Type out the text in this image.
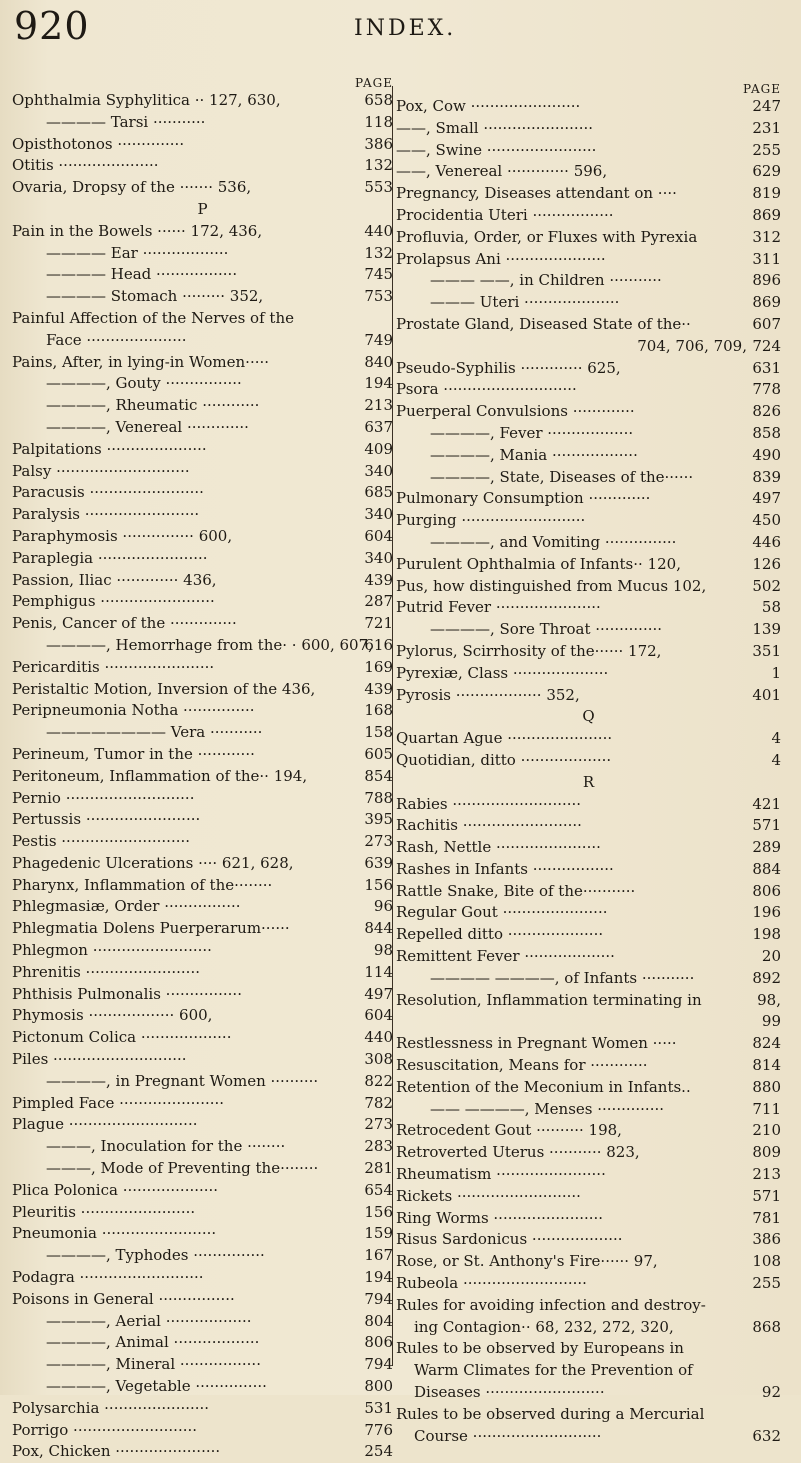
920	INDEX.
PAGE
Ophthalmia Syphylitica ·· 127, 630,	658
———— Tarsi ···········	118
Opisthotonos ··············	386
Otitis ·····················	132
Ovaria, Dropsy of the ······· 536,	553
P
Pain in the Bowels ······ 172, 436,	440
———— Ear ··················	132
———— Head ·················	745
———— Stomach ········· 352,	753
Painful Affection of the Nerves of the
Face ·····················	749
Pains, After, in lying-in Women·····	840
————, Gouty ················	194
————, Rheumatic ············	213
————, Venereal ·············	637
Palpitations ·····················	409
Palsy ····························	340
Paracusis ························	685
Paralysis ························	340
Paraphymosis ··············· 600,	604
Paraplegia ·······················	340
Passion, Iliac ············· 436,	439
Pemphigus ························	287
Penis, Cancer of the ··············	721
————, Hemorrhage from the· · 600, 607,
616
Pericarditis ·······················	169
Peristaltic Motion, Inversion of the 436,	439
Peripneumonia Notha ···············	168
———————— Vera ···········	158
Perineum, Tumor in the ············	605
Peritoneum, Inflammation of the·· 194,	854
Pernio ···························	788
Pertussis ························	395
Pestis ···························	273
Phagedenic Ulcerations ···· 621, 628,	639
Pharynx, Inflammation of the········	156
Phlegmasiæ, Order ················	96
Phlegmatia Dolens Puerperarum······	844
Phlegmon ·························	98
Phrenitis ························	114
Phthisis Pulmonalis ················	497
Phymosis ·················· 600,	604
Pictonum Colica ···················	440
Piles ····························	308
————, in Pregnant Women ··········	822
Pimpled Face ······················	782
Plague ···························	273
———, Inoculation for the ········	283
———, Mode of Preventing the········	281
Plica Polonica ····················	654
Pleuritis ························	156
Pneumonia ························	159
————, Typhodes ···············	167
Podagra ··························	194
Poisons in General ················	794
————, Aerial ··················	804
————, Animal ··················	806
————, Mineral ·················	794
————, Vegetable ···············	800
Polysarchia ······················	531
Porrigo ··························	776
Pox, Chicken ······················	254
PAGE
Pox, Cow ·······················	247
——, Small ·······················	231
——, Swine ·······················	255
——, Venereal ············· 596,	629
Pregnancy, Diseases attendant on ····	819
Procidentia Uteri ·················	869
Profluvia, Order, or Fluxes with Pyrexia	312
Prolapsus Ani ·····················	311
——— ——, in Children ···········	896
——— Uteri ····················	869
Prostate Gland, Diseased State of the··	607
704, 706, 709, 724
Pseudo-Syphilis ············· 625,	631
Psora ····························	778
Puerperal Convulsions ·············	826
————, Fever ··················	858
————, Mania ··················	490
————, State, Diseases of the······	839
Pulmonary Consumption ·············	497
Purging ··························	450
————, and Vomiting ···············	446
Purulent Ophthalmia of Infants·· 120,	126
Pus, how distinguished from Mucus 102,	502
Putrid Fever ······················	58
————, Sore Throat ··············	139
Pylorus, Scirrhosity of the······ 172,	351
Pyrexiæ, Class ····················	1
Pyrosis ·················· 352,	401
Q
Quartan Ague ······················	4
Quotidian, ditto ···················	4
R
Rabies ···························	421
Rachitis ·························	571
Rash, Nettle ······················	289
Rashes in Infants ·················	884
Rattle Snake, Bite of the···········	806
Regular Gout ······················	196
Repelled ditto ····················	198
Remittent Fever ···················	20
———— ————, of Infants ···········	892
Resolution, Inflammation terminating in	98,
99
Restlessness in Pregnant Women ·····	824
Resuscitation, Means for ············	814
Retention of the Meconium in Infants..	880
—— ————, Menses ··············	711
Retrocedent Gout ·········· 198,	210
Retroverted Uterus ··········· 823,	809
Rheumatism ·······················	213
Rickets ··························	571
Ring Worms ·······················	781
Risus Sardonicus ···················	386
Rose, or St. Anthony's Fire······ 97,	108
Rubeola ··························	255
Rules for avoiding infection and destroy-
ing Contagion·· 68, 232, 272, 320,	868
Rules to be observed by Europeans in
Warm Climates for the Prevention of
Diseases ·························	92
Rules to be observed during a Mercurial
Course ···························	632
